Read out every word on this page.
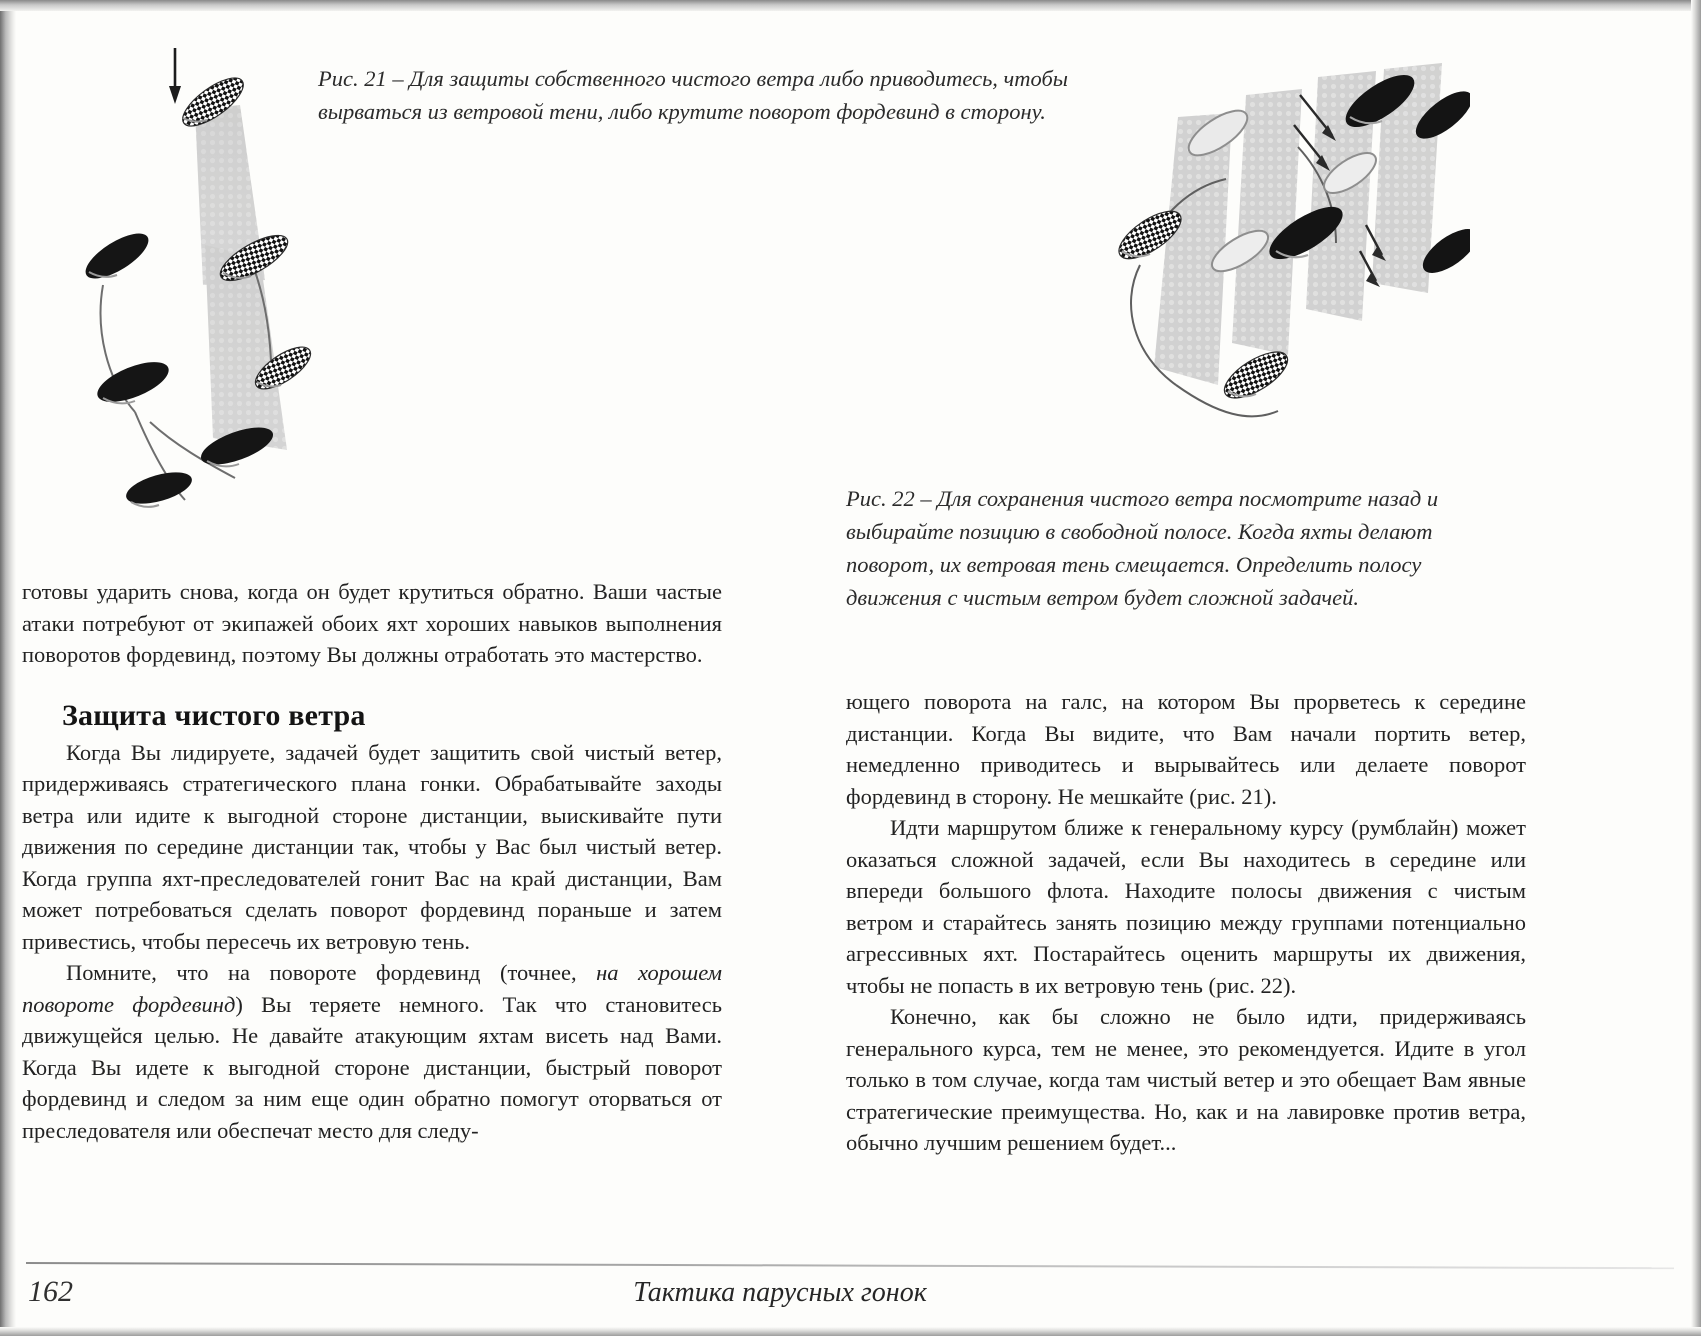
Рис. 21 – Для защиты собственного чистого ветра либо приводитесь, чтобы вырваться из ветровой тени, либо крутите поворот фордевинд в сторону.
Рис. 22 – Для сохранения чистого ветра посмотрите назад и выбирайте позицию в свободной полосе. Когда яхты делают поворот, их ветровая тень смещается. Определить полосу движения с чистым ветром будет сложной задачей.

готовы ударить снова, когда он будет крутиться обратно. Ваши частые атаки потребуют от экипажей обоих яхт хороших навыков выполнения поворотов фордевинд, поэтому Вы должны отработать это мастерство.

Защита чистого ветра

Когда Вы лидируете, задачей будет защитить свой чистый ветер, придерживаясь стратегического плана гонки. Обрабатывайте заходы ветра или идите к выгодной стороне дистанции, выискивайте пути движения по середине дистанции так, чтобы у Вас был чистый ветер. Когда группа яхт-преследователей гонит Вас на край дистанции, Вам может потребоваться сделать поворот фордевинд пораньше и затем привестись, чтобы пересечь их ветровую тень.

Помните, что на повороте фордевинд (точнее, на хорошем повороте фордевинд) Вы теряете немного. Так что становитесь движущейся целью. Не давайте атакующим яхтам висеть над Вами. Когда Вы идете к выгодной стороне дистанции, быстрый поворот фордевинд и следом за ним еще один обратно помогут оторваться от преследователя или обеспечат место для следу-

ющего поворота на галс, на котором Вы прорветесь к середине дистанции. Когда Вы видите, что Вам начали портить ветер, немедленно приводитесь и вырывайтесь или делаете поворот фордевинд в сторону. Не мешкайте (рис. 21).

Идти маршрутом ближе к генеральному курсу (румблайн) может оказаться сложной задачей, если Вы находитесь в середине или впереди большого флота. Находите полосы движения с чистым ветром и старайтесь занять позицию между группами потенциально агрессивных яхт. Постарайтесь оценить маршруты их движения, чтобы не попасть в их ветровую тень (рис. 22).

Конечно, как бы сложно не было идти, придерживаясь генерального курса, тем не менее, это рекомендуется. Идите в угол только в том случае, когда там чистый ветер и это обещает Вам явные стратегические преимущества. Но, как и на лавировке против ветра, обычно лучшим решением будет...

162	Тактика парусных гонок
